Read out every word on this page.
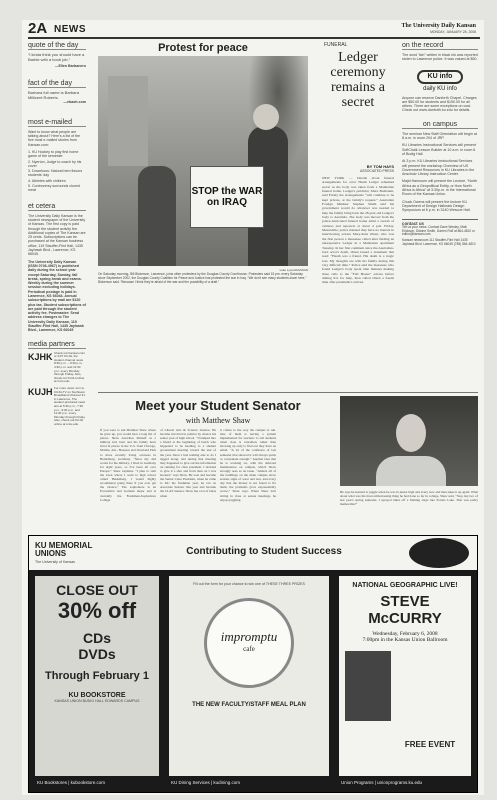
2A NEWS	The University Daily Kansan
MONDAY, JANUARY 28, 2008
quote of the day
“I kinda think you should have a Barbie with a boob job.”
—Ellen Barbanero
fact of the day
Barbara full name is Barbara Millicent Roberts.
—ebaoh.com
most e-mailed
Want to know what people are talking about? Here's a list of the five most e-mailed stories from Kansan.com:
1. KU Hockey to play first home game of the semester
2. Nyerton, Judge to coach by his cover
3. Downhous: Natural hem flavors students' day
4. Athletes with children
5. Controversy surrounds cloned meat
et cetera
The University Daily Kansan is the student newspaper of the University of Kansas. The first copy is paid through the student activity fee. Additional copies of The Kansan are 25 cents. Subscriptions can be purchased at the Kansan business office, 119 Stauffer-Flint Hall, 1435 Jayhawk Blvd., Lawrence, KS 66045.
The University Daily Kansan (ISSN 0746-4967) is published daily during the school year except Saturday, Sunday, fall break, spring break and exams. Weekly during the summer session excluding holidays. Periodical postage is paid in Lawrence, KS 66044. Annual subscriptions by mail are $120 plus tax. Student subscriptions of are paid through the student activity fee. Postmaster: Send address changes to The University Daily Kansan, 119 Stauffer-Flint Hall, 1435 Jayhawk Blvd., Lawrence, KS 66045
media partners
KJHK Check out Kansan.com or 24/7 KUJH, the student channel news 8:30 p.m. – 9:30 p.m., 4:30 p.m. and 11:30 p.m. every Monday through Friday. Also, check out KUJH online at tv.ku.edu.
KUJH For more news, turn to KUJH-TV on Sunflower Broadband Channel 31 in Lawrence. The student-produced news airs at 5:30 p.m., 7:30 p.m., 9:30 p.m. and 11:30 p.m. every Monday through Friday. Also, check out KUJH online at tv.ku.edu.
Protest for peace
STOP the WAR on IRAQ
Luke Lyons/KANSAN
On Saturday morning, Bill Bickerson, Lawrence, joins other protesters by the Douglas County Courthouse. Protesters said 15 pm. every Saturday since September 2002, the Douglas County Coalition for Peace and Justice has protested the war in Iraq. “We don't see many students down here,” Bickerson said. “Because I think they're afraid of the war and the possibility of a draft.”
FUNERAL
Ledger ceremony remains a secret
BY TOM HAYS
ASSOCIATED PRESS
NEW YORK — Details about funeral arrangements for actor Heath Ledger remained secret as his body was taken from a Manhattan funeral home. Ledger's publicist, Mara Buxbaum, said Friday the arrangements “will continue to be kept private, at the family's request.” Australian Foreign Minister Stephen Smith said his government would do whatever was needed to help the family bring back the 28-year-old Ledger's body to Australia. The body was moved from the police-barricaded funeral home amid a swarm of cameras and reporters at about 4 p.m. Friday. Meanwhile, police insisted they have no interest in interviewing actress Mary-Kate Olsen, who was the first person a masseuse called after finding an unresponsive Ledger in a Manhattan apartment Tuesday. In her first comment since the Australian-born actor's death, Olsen issued a statement that read: “Heath was a friend. His death is a tragic loss. My thoughts are with his family during this very difficult time.” Police said the masseuse who found Ledger's body spent nine minutes making three calls to the “Full House” actress before dialing 911 for help, then called Olsen a fourth time after paramedics arrived.
on the record
The word ‛itch” written in black ink was reported stolen to Lawrence police. It was valued at $50.
KU info
daily KU info
Anyone can reserve Danforth Chapel. Charges are $50.00 for students and $150.00 for all others. There are some exceptions on cost. Check out www.danforth.ku.edu for details.
on campus
The seminar New Staff Orientation will begin at 8 a.m. in room 204 of JRP.
KU Libraries Instructional Services will present SoftChalk Lesson Builder at 10 a.m. in room 6 of Budig Hall.
At 3 p.m. KU Libraries Instructional Services will present the workshop Overview of US Government Resources in KU Libraries in the Anschutz Library Instruction Center.
Majid Hannoum will present the Lecture, “North Africa as a Geopolitical Entity, or How North Africa is Africa” at 3:30p.m. in the International Room of the Kansas Union.
Chuck Owens will present the lecture KU Department of Design Hallmark Design Symposium at 6 p.m. in 3140 Wescoe Hall.
contact us
Tell us your news. Contact Dave Wesley, Matt Erickson, Dianne Smith, Darren Rolf at 864-4810 or editor@kansan.com.
Kansan newsroom 111 Stauffer-Flint Hall 1435 Jayhawk Blvd. Lawrence, KS 66045 (785) 864-4810
Meet your Student Senator
with Matthew Shaw
If you were to ask Matthew Shaw where he grew up, you would hear a long list of places. Shaw describes himself as a military kid, born and his family have lived in places in the U.S. from Chicago, Mobile, Ala., Houston and Overland Park to more recently living overseas in Heidelberg, Germany. “Since my dad works for the military, I lived in Germany for eight years, so I've been all over Europe.” Shaw explains. “I plan to visit the town where I went to high school called Heidelberg. I would highly recommend going there if you ever get the chance.” The sophomore is an Economics and German major and is currently the Freshman-Sophomore College
of Liberal Arts & Science Senator. He became involved in politics by chance his senior year of high school. “I bumped into a friend at the beginning of lunch who happened to be heading to a student government meeting toward the end of the year. Since I had nothing else to do I tagged along, and during that meeting they happened to give out the information on running for class president. I decided to give it a shot and from then on I was hooked,” says Shaw. He won and became the Senior Class President, when he came to KU his freshman year, he ran on Associate Senator that year and became the CLAS Senator. Shaw has a lot of ideas when
it comes to the way the campus is run. One of them is having a system implemented for teachers to tell students when class is cancelled, rather than showing up only to find out they have an email. “A lot of the confusion of last semester that showed it will always quick or convenient enough.” Another idea that he is working on, with the deferred maintenance on campus, which Shaw strongly sees as an issue. “Almost all of the buildings on the main campus show serious signs of wear and tear, and every day that the money is not found to fix them, the problems grow exponentially worse,” Shaw says. When Shaw isn't sitting in class or senate meetings, he enjoys juggling.
He says he learned to juggle when he was in junior high and every now and then takes it up again. What about what was his most embarrassing thing he had done so far in college, Shaw said, “Stop day two of last year's spring semester, I sprayed bikes off a flaming stage into Potters Lake. That was pretty memorable!”
KU MEMORIAL UNIONS
The University of Kansas
Contributing to Student Success
CLOSE OUT
30% off
CDs
DVDs
Through February 1
KU BOOKSTORE
KANSAS UNION BUDIG HALL EDWARDS CAMPUS
KU Bookstores | kubookstore.com
Fill out the form for your chance to win one of THESE THREE PRIZES
impromptu
cafe
THE NEW FACULTY/STAFF MEAL PLAN
KU Dining Services | kudining.com
NATIONAL GEOGRAPHIC LIVE!
STEVE McCURRY
Wednesday, February 6, 2008
7:00pm in the Kansas Union Ballroom
FREE EVENT
Union Programs | unionprograms.ku.edu
